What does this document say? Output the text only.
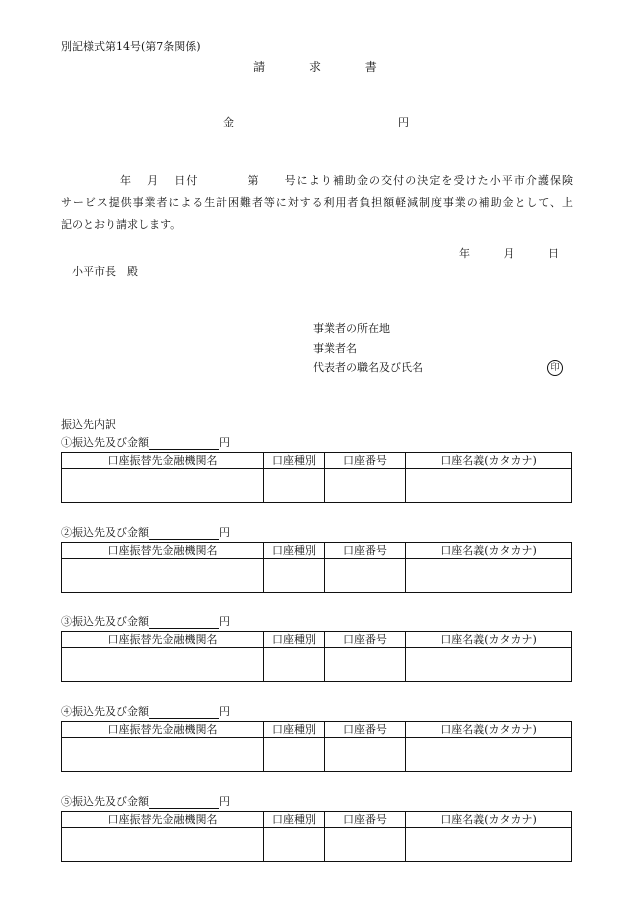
別記様式第14号(第7条関係)
請 求 書
金	円
年 月 日付	第 号により補助金の交付の決定を受けた小平市介護保険
サービス提供事業者による生計困難者等に対する利用者負担額軽減制度事業の補助金として、上
記のとおり請求します。
年	月	日
小平市長　殿
事業者の所在地
事業者名
代表者の職名及び氏名	印
振込先内訳
①振込先及び金額	円
口座振替先金融機関名	口座種別	口座番号	口座名義(カタカナ)

②振込先及び金額	円
口座振替先金融機関名	口座種別	口座番号	口座名義(カタカナ)

③振込先及び金額	円
口座振替先金融機関名	口座種別	口座番号	口座名義(カタカナ)

④振込先及び金額	円
口座振替先金融機関名	口座種別	口座番号	口座名義(カタカナ)

⑤振込先及び金額	円
口座振替先金融機関名	口座種別	口座番号	口座名義(カタカナ)
